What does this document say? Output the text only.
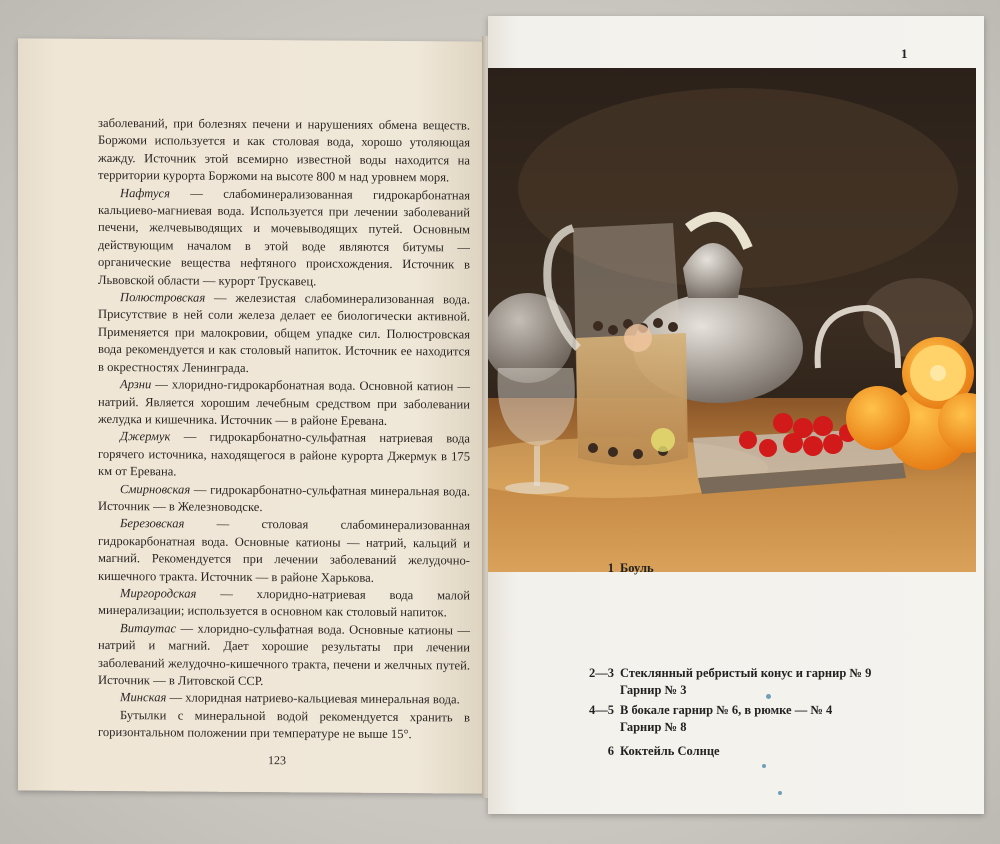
заболеваний, при болезнях печени и нарушениях обмена веществ. Боржоми используется и как столовая вода, хорошо утоляющая жажду. Источник этой всемирно известной воды находится на территории курорта Боржоми на высоте 800 м над уровнем моря.

Нафтуся — слабоминерализованная гидрокарбонатная кальциево-магниевая вода. Используется при лечении заболеваний печени, желчевыводящих и мочевыводящих путей. Основным действующим началом в этой воде являются битумы — органические вещества нефтяного происхождения. Источник в Львовской области — курорт Трускавец.

Полюстровская — железистая слабоминерализованная вода. Присутствие в ней соли железа делает ее биологически активной. Применяется при малокровии, общем упадке сил. Полюстровская вода рекомендуется и как столовый напиток. Источник ее находится в окрестностях Ленинграда.

Арзни — хлоридно-гидрокарбонатная вода. Основной катион — натрий. Является хорошим лечебным средством при заболевании желудка и кишечника. Источник — в районе Еревана.

Джермук — гидрокарбонатно-сульфатная натриевая вода горячего источника, находящегося в районе курорта Джермук в 175 км от Еревана.

Смирновская — гидрокарбонатно-сульфатная минеральная вода. Источник — в Железноводске.

Березовская — столовая слабоминерализованная гидрокарбонатная вода. Основные катионы — натрий, кальций и магний. Рекомендуется при лечении заболеваний желудочно-кишечного тракта. Источник — в районе Харькова.

Миргородская — хлоридно-натриевая вода малой минерализации; используется в основном как столовый напиток.

Витаутас — хлоридно-сульфатная вода. Основные катионы — натрий и магний. Дает хорошие результаты при лечении заболеваний желудочно-кишечного тракта, печени и желчных путей. Источник — в Литовской ССР.

Минская — хлоридная натриево-кальциевая минеральная вода.

Бутылки с минеральной водой рекомендуется хранить в горизонтальном положении при температуре не выше 15°.

123
1
1 Боуль
2—3 Стеклянный ребристый конус и гарнир № 9
Гарнир № 3
4—5 В бокале гарнир № 6, в рюмке — № 4
Гарнир № 8
6 Коктейль Солнце
